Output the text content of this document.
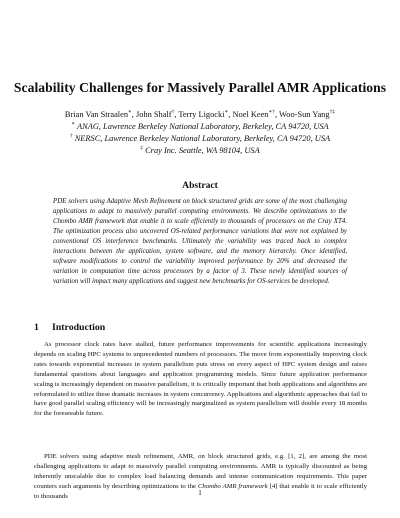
Scalability Challenges for Massively Parallel AMR Applications
Brian Van Straalen∗, John Shalf†, Terry Ligocki∗, Noel Keen∗†, Woo-Sun Yang†‡
∗ ANAG, Lawrence Berkeley National Laboratory, Berkeley, CA 94720, USA
† NERSC, Lawrence Berkeley National Laboratory, Berkeley, CA 94720, USA
‡ Cray Inc. Seattle, WA 98104, USA
Abstract
PDE solvers using Adaptive Mesh Refinement on block structured grids are some of the most challenging applications to adapt to massively parallel computing environments. We describe optimizations to the Chombo AMR framework that enable it to scale efficiently to thousands of processors on the Cray XT4. The optimization process also uncovered OS-related performance variations that were not explained by conventional OS interference benchmarks. Ultimately the variability was traced back to complex interactions between the application, system software, and the memory hierarchy. Once identified, software modifications to control the variability improved performance by 20% and decreased the variation in computation time across processors by a factor of 3. These newly identified sources of variation will impact many applications and suggest new benchmarks for OS-services be developed.
1 Introduction

As processor clock rates have stalled, future performance improvements for scientific applications increasingly depends on scaling HPC systems to unprecedented numbers of processors. The move from exponentially improving clock rates towards exponential increases in system parallelism puts stress on every aspect of HPC system design and raises fundamental questions about languages and application programming models. Since future application performance scaling is increasingly dependent on massive parallelism, it is critically important that both applications and algorithms are reformulated to utilize these dramatic increases in system concurrency. Applications and algorithmic approaches that fail to have good parallel scaling efficiency will be increasingly marginalized as system parallelism will double every 18 months for the foreseeable future.

PDE solvers using adaptive mesh refinement, AMR, on block structured grids, e.g. [1, 2], are among the most challenging applications to adapt to massively parallel computing environments. AMR is typically discounted as being inherently unscalable due to complex load balancing demands and intense communication requirements. This paper counters such arguments by describing optimizations to the Chombo AMR framework [4] that enable it to scale efficiently to thousands	1
